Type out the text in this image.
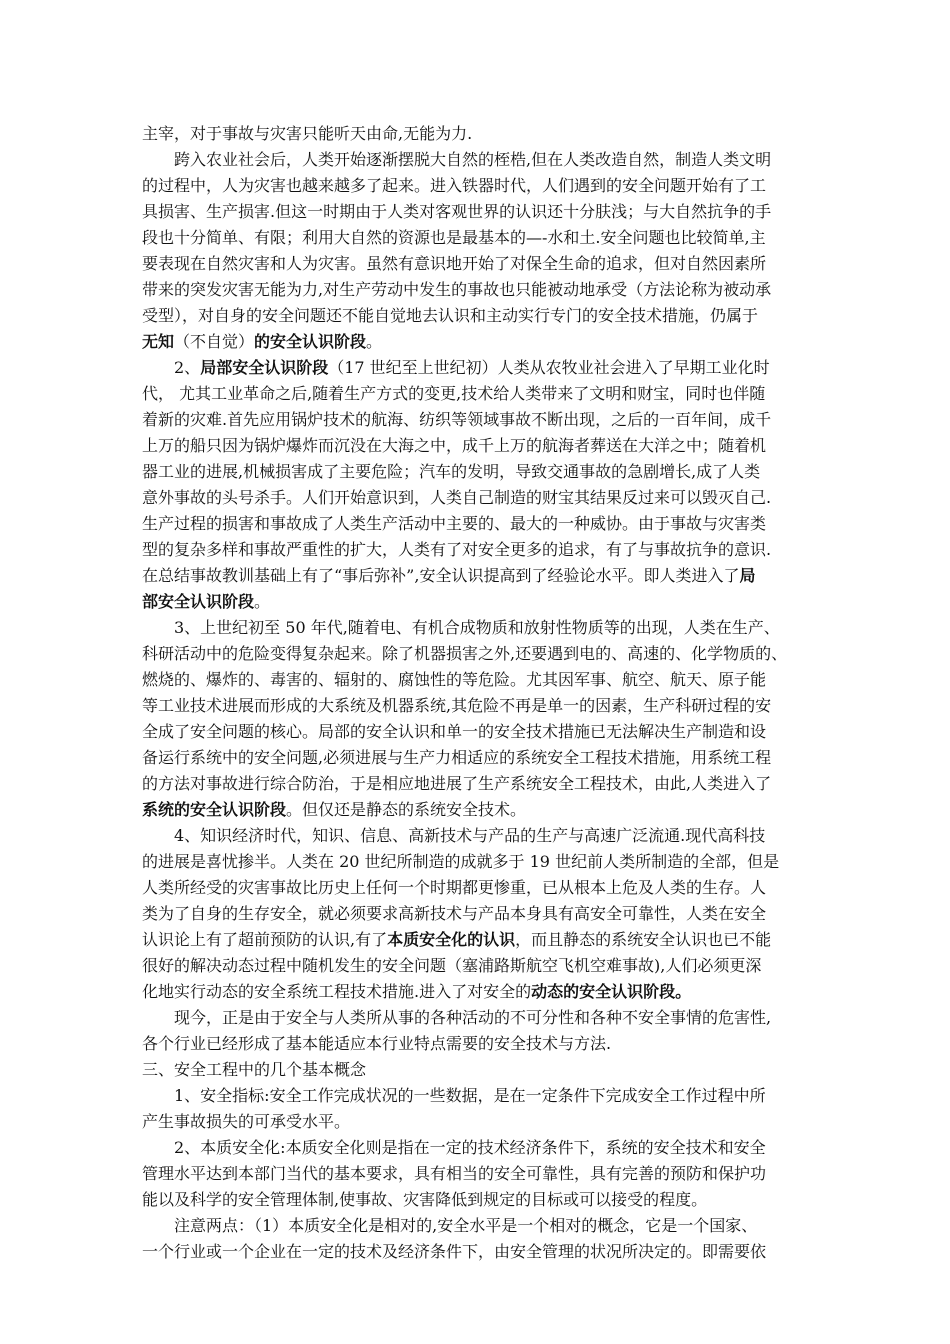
主宰，对于事故与灾害只能听天由命,无能为力.
跨入农业社会后，人类开始逐渐摆脱大自然的桎梏,但在人类改造自然，制造人类文明
的过程中，人为灾害也越来越多了起来。进入铁器时代，人们遇到的安全问题开始有了工
具损害、生产损害.但这一时期由于人类对客观世界的认识还十分肤浅；与大自然抗争的手
段也十分简单、有限；利用大自然的资源也是最基本的—-水和土.安全问题也比较简单,主
要表现在自然灾害和人为灾害。虽然有意识地开始了对保全生命的追求，但对自然因素所
带来的突发灾害无能为力,对生产劳动中发生的事故也只能被动地承受（方法论称为被动承
受型），对自身的安全问题还不能自觉地去认识和主动实行专门的安全技术措施，仍属于
无知（不自觉）的安全认识阶段。
2、局部安全认识阶段（17 世纪至上世纪初）人类从农牧业社会进入了早期工业化时
代， 尤其工业革命之后,随着生产方式的变更,技术给人类带来了文明和财宝，同时也伴随
着新的灾难.首先应用锅炉技术的航海、纺织等领域事故不断出现，之后的一百年间，成千
上万的船只因为锅炉爆炸而沉没在大海之中，成千上万的航海者葬送在大洋之中；随着机
器工业的进展,机械损害成了主要危险；汽车的发明，导致交通事故的急剧增长,成了人类
意外事故的头号杀手。人们开始意识到，人类自己制造的财宝其结果反过来可以毁灭自己.
生产过程的损害和事故成了人类生产活动中主要的、最大的一种威协。由于事故与灾害类
型的复杂多样和事故严重性的扩大，人类有了对安全更多的追求，有了与事故抗争的意识.
在总结事故教训基础上有了“事后弥补”,安全认识提高到了经验论水平。即人类进入了局
部安全认识阶段。
3、上世纪初至 50 年代,随着电、有机合成物质和放射性物质等的出现，人类在生产、
科研活动中的危险变得复杂起来。除了机器损害之外,还要遇到电的、高速的、化学物质的、
燃烧的、爆炸的、毒害的、辐射的、腐蚀性的等危险。尤其因军事、航空、航天、原子能
等工业技术进展而形成的大系统及机器系统,其危险不再是单一的因素，生产科研过程的安
全成了安全问题的核心。局部的安全认识和单一的安全技术措施已无法解决生产制造和设
备运行系统中的安全问题,必须进展与生产力相适应的系统安全工程技术措施，用系统工程
的方法对事故进行综合防治，于是相应地进展了生产系统安全工程技术，由此,人类进入了
系统的安全认识阶段。但仅还是静态的系统安全技术。
4、知识经济时代，知识、信息、高新技术与产品的生产与高速广泛流通.现代高科技
的进展是喜忧掺半。人类在 20 世纪所制造的成就多于 19 世纪前人类所制造的全部，但是
人类所经受的灾害事故比历史上任何一个时期都更惨重，已从根本上危及人类的生存。人
类为了自身的生存安全，就必须要求高新技术与产品本身具有高安全可靠性，人类在安全
认识论上有了超前预防的认识,有了本质安全化的认识，而且静态的系统安全认识也已不能
很好的解决动态过程中随机发生的安全问题（塞浦路斯航空飞机空难事故),人们必须更深
化地实行动态的安全系统工程技术措施.进入了对安全的动态的安全认识阶段。
现今，正是由于安全与人类所从事的各种活动的不可分性和各种不安全事情的危害性,
各个行业已经形成了基本能适应本行业特点需要的安全技术与方法.
三、安全工程中的几个基本概念
1、安全指标:安全工作完成状况的一些数据，是在一定条件下完成安全工作过程中所
产生事故损失的可承受水平。
2、本质安全化:本质安全化则是指在一定的技术经济条件下，系统的安全技术和安全
管理水平达到本部门当代的基本要求，具有相当的安全可靠性，具有完善的预防和保护功
能以及科学的安全管理体制,使事故、灾害降低到规定的目标或可以接受的程度。
注意两点：（1）本质安全化是相对的,安全水平是一个相对的概念，它是一个国家、
一个行业或一个企业在一定的技术及经济条件下，由安全管理的状况所决定的。即需要依
